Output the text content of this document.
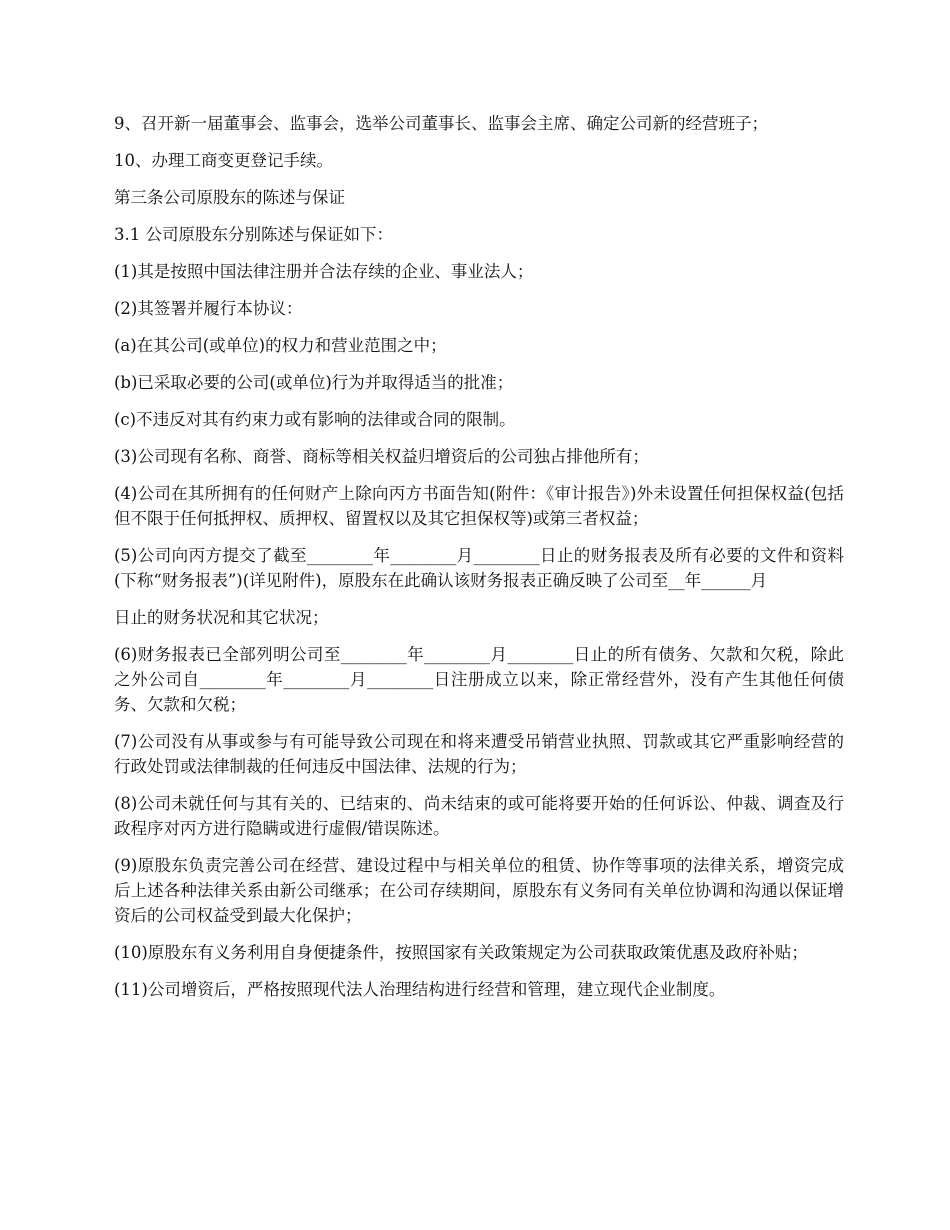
9、召开新一届董事会、监事会，选举公司董事长、监事会主席、确定公司新的经营班子；

10、办理工商变更登记手续。

第三条公司原股东的陈述与保证

3.1 公司原股东分别陈述与保证如下：

(1)其是按照中国法律注册并合法存续的企业、事业法人；

(2)其签署并履行本协议：

(a)在其公司(或单位)的权力和营业范围之中；

(b)已采取必要的公司(或单位)行为并取得适当的批准；

(c)不违反对其有约束力或有影响的法律或合同的限制。

(3)公司现有名称、商誉、商标等相关权益归增资后的公司独占排他所有；

(4)公司在其所拥有的任何财产上除向丙方书面告知(附件：《审计报告》)外未设置任何担保权益(包括但不限于任何抵押权、质押权、留置权以及其它担保权等)或第三者权益；

(5)公司向丙方提交了截至________年________月________日止的财务报表及所有必要的文件和资料(下称“财务报表”)(详见附件)，原股东在此确认该财务报表正确反映了公司至__年______月

日止的财务状况和其它状况；

(6)财务报表已全部列明公司至________年________月________日止的所有债务、欠款和欠税，除此之外公司自________年________月________日注册成立以来，除正常经营外，没有产生其他任何债务、欠款和欠税；

(7)公司没有从事或参与有可能导致公司现在和将来遭受吊销营业执照、罚款或其它严重影响经营的行政处罚或法律制裁的任何违反中国法律、法规的行为；

(8)公司未就任何与其有关的、已结束的、尚未结束的或可能将要开始的任何诉讼、仲裁、调查及行政程序对丙方进行隐瞒或进行虚假/错误陈述。

(9)原股东负责完善公司在经营、建设过程中与相关单位的租赁、协作等事项的法律关系，增资完成后上述各种法律关系由新公司继承；在公司存续期间，原股东有义务同有关单位协调和沟通以保证增资后的公司权益受到最大化保护；

(10)原股东有义务利用自身便捷条件，按照国家有关政策规定为公司获取政策优惠及政府补贴；

(11)公司增资后，严格按照现代法人治理结构进行经营和管理，建立现代企业制度。
